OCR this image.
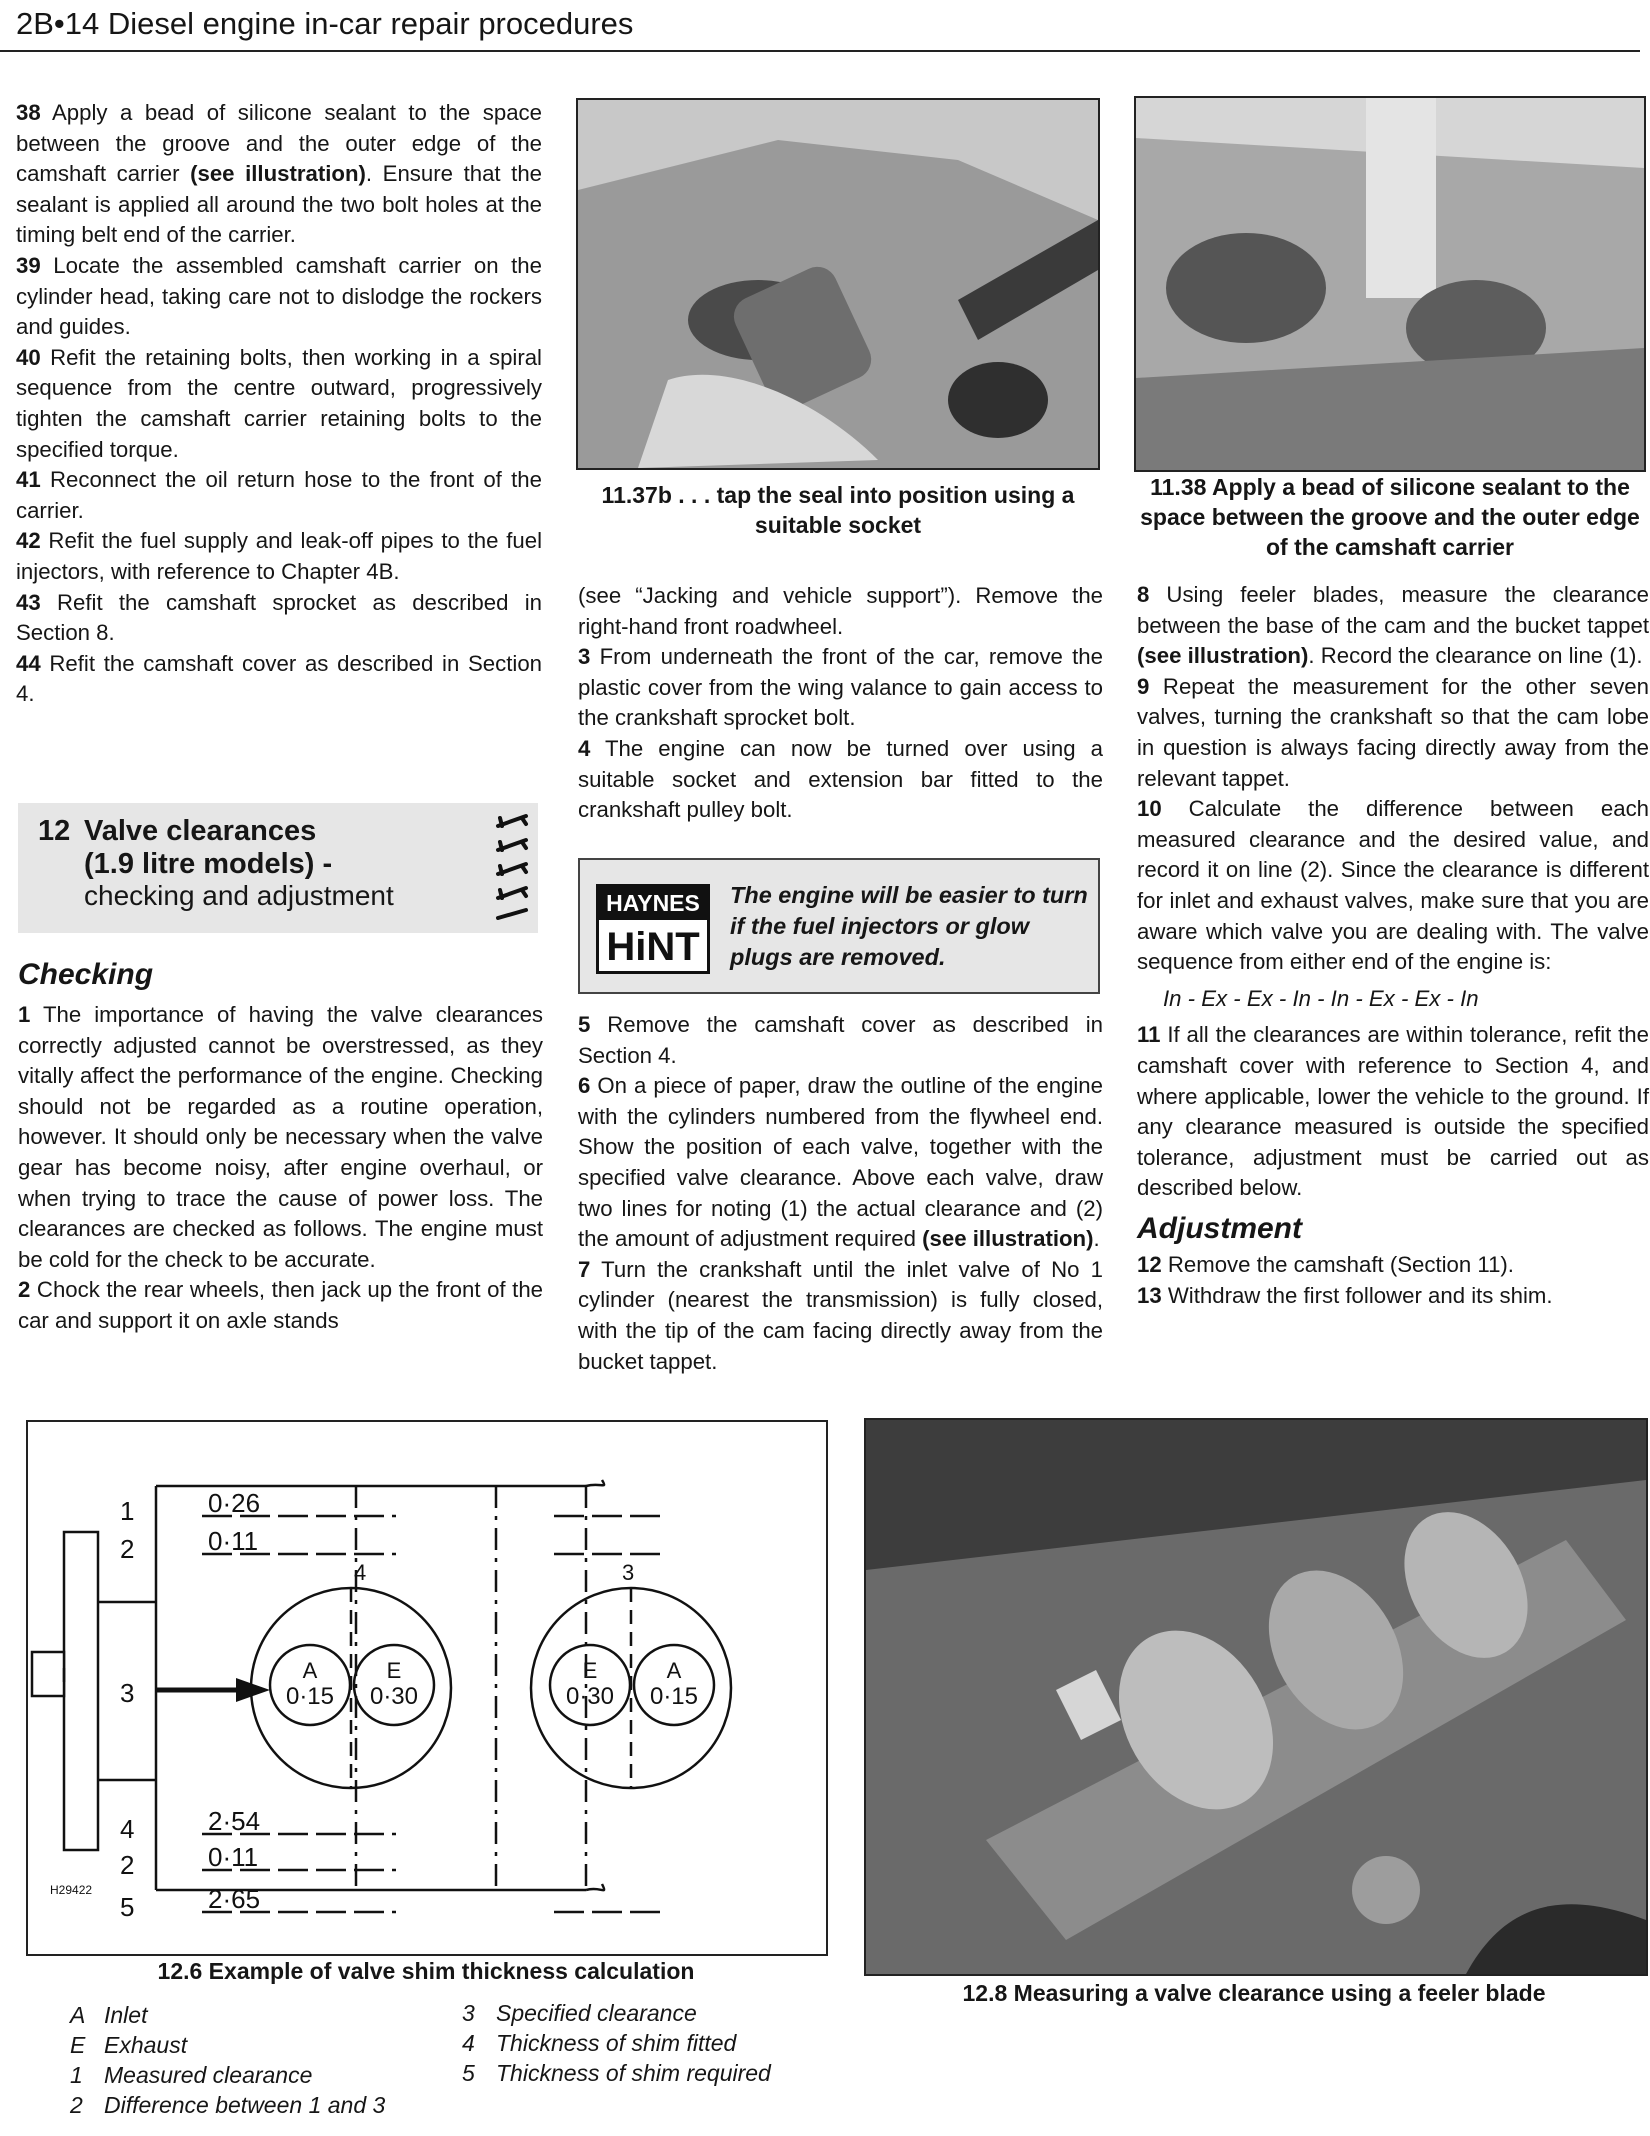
2B•14 Diesel engine in-car repair procedures

38 Apply a bead of silicone sealant to the space between the groove and the outer edge of the camshaft carrier (see illustration). Ensure that the sealant is applied all around the two bolt holes at the timing belt end of the carrier.

39 Locate the assembled camshaft carrier on the cylinder head, taking care not to dislodge the rockers and guides.

40 Refit the retaining bolts, then working in a spiral sequence from the centre outward, progressively tighten the camshaft carrier retaining bolts to the specified torque.

41 Reconnect the oil return hose to the front of the carrier.

42 Refit the fuel supply and leak-off pipes to the fuel injectors, with reference to Chapter 4B.

43 Refit the camshaft sprocket as described in Section 8.

44 Refit the camshaft cover as described in Section 4.

12 Valve clearances
(1.9 litre models) -
checking and adjustment
Checking

1 The importance of having the valve clearances correctly adjusted cannot be overstressed, as they vitally affect the performance of the engine. Checking should not be regarded as a routine operation, however. It should only be necessary when the valve gear has become noisy, after engine overhaul, or when trying to trace the cause of power loss. The clearances are checked as follows. The engine must be cold for the check to be accurate.

2 Chock the rear wheels, then jack up the front of the car and support it on axle stands

11.37b . . . tap the seal into position using a suitable socket
11.38 Apply a bead of silicone sealant to the space between the groove and the outer edge of the camshaft carrier

(see “Jacking and vehicle support”). Remove the right-hand front roadwheel.

3 From underneath the front of the car, remove the plastic cover from the wing valance to gain access to the crankshaft sprocket bolt.

4 The engine can now be turned over using a suitable socket and extension bar fitted to the crankshaft pulley bolt.

HAYNES
HiNT
The engine will be easier to turn if the fuel injectors or glow plugs are removed.

5 Remove the camshaft cover as described in Section 4.

6 On a piece of paper, draw the outline of the engine with the cylinders numbered from the flywheel end. Show the position of each valve, together with the specified valve clearance. Above each valve, draw two lines for noting (1) the actual clearance and (2) the amount of adjustment required (see illustration).

7 Turn the crankshaft until the inlet valve of No 1 cylinder (nearest the transmission) is fully closed, with the tip of the cam facing directly away from the bucket tappet.

8 Using feeler blades, measure the clearance between the base of the cam and the bucket tappet (see illustration). Record the clearance on line (1).

9 Repeat the measurement for the other seven valves, turning the crankshaft so that the cam lobe in question is always facing directly away from the relevant tappet.

10 Calculate the difference between each measured clearance and the desired value, and record it on line (2). Since the clearance is different for inlet and exhaust valves, make sure that you are aware which valve you are dealing with. The valve sequence from either end of the engine is:

In - Ex - Ex - In - In - Ex - Ex - In

11 If all the clearances are within tolerance, refit the camshaft cover with reference to Section 4, and where applicable, lower the vehicle to the ground. If any clearance measured is outside the specified tolerance, adjustment must be carried out as described below.

Adjustment

12 Remove the camshaft (Section 11).

13 Withdraw the first follower and its shim.

1
2
3
4
2
5
0·26
0·11
2·54
0·11
2·65
4	3
A	E	E	A
0·15 0·30	0·30 0·15
H29422
12.6 Example of valve shim thickness calculation
A Inlet
E Exhaust
1 Measured clearance
2 Difference between 1 and 3
3 Specified clearance
4 Thickness of shim fitted
5 Thickness of shim required
12.8 Measuring a valve clearance using a feeler blade
